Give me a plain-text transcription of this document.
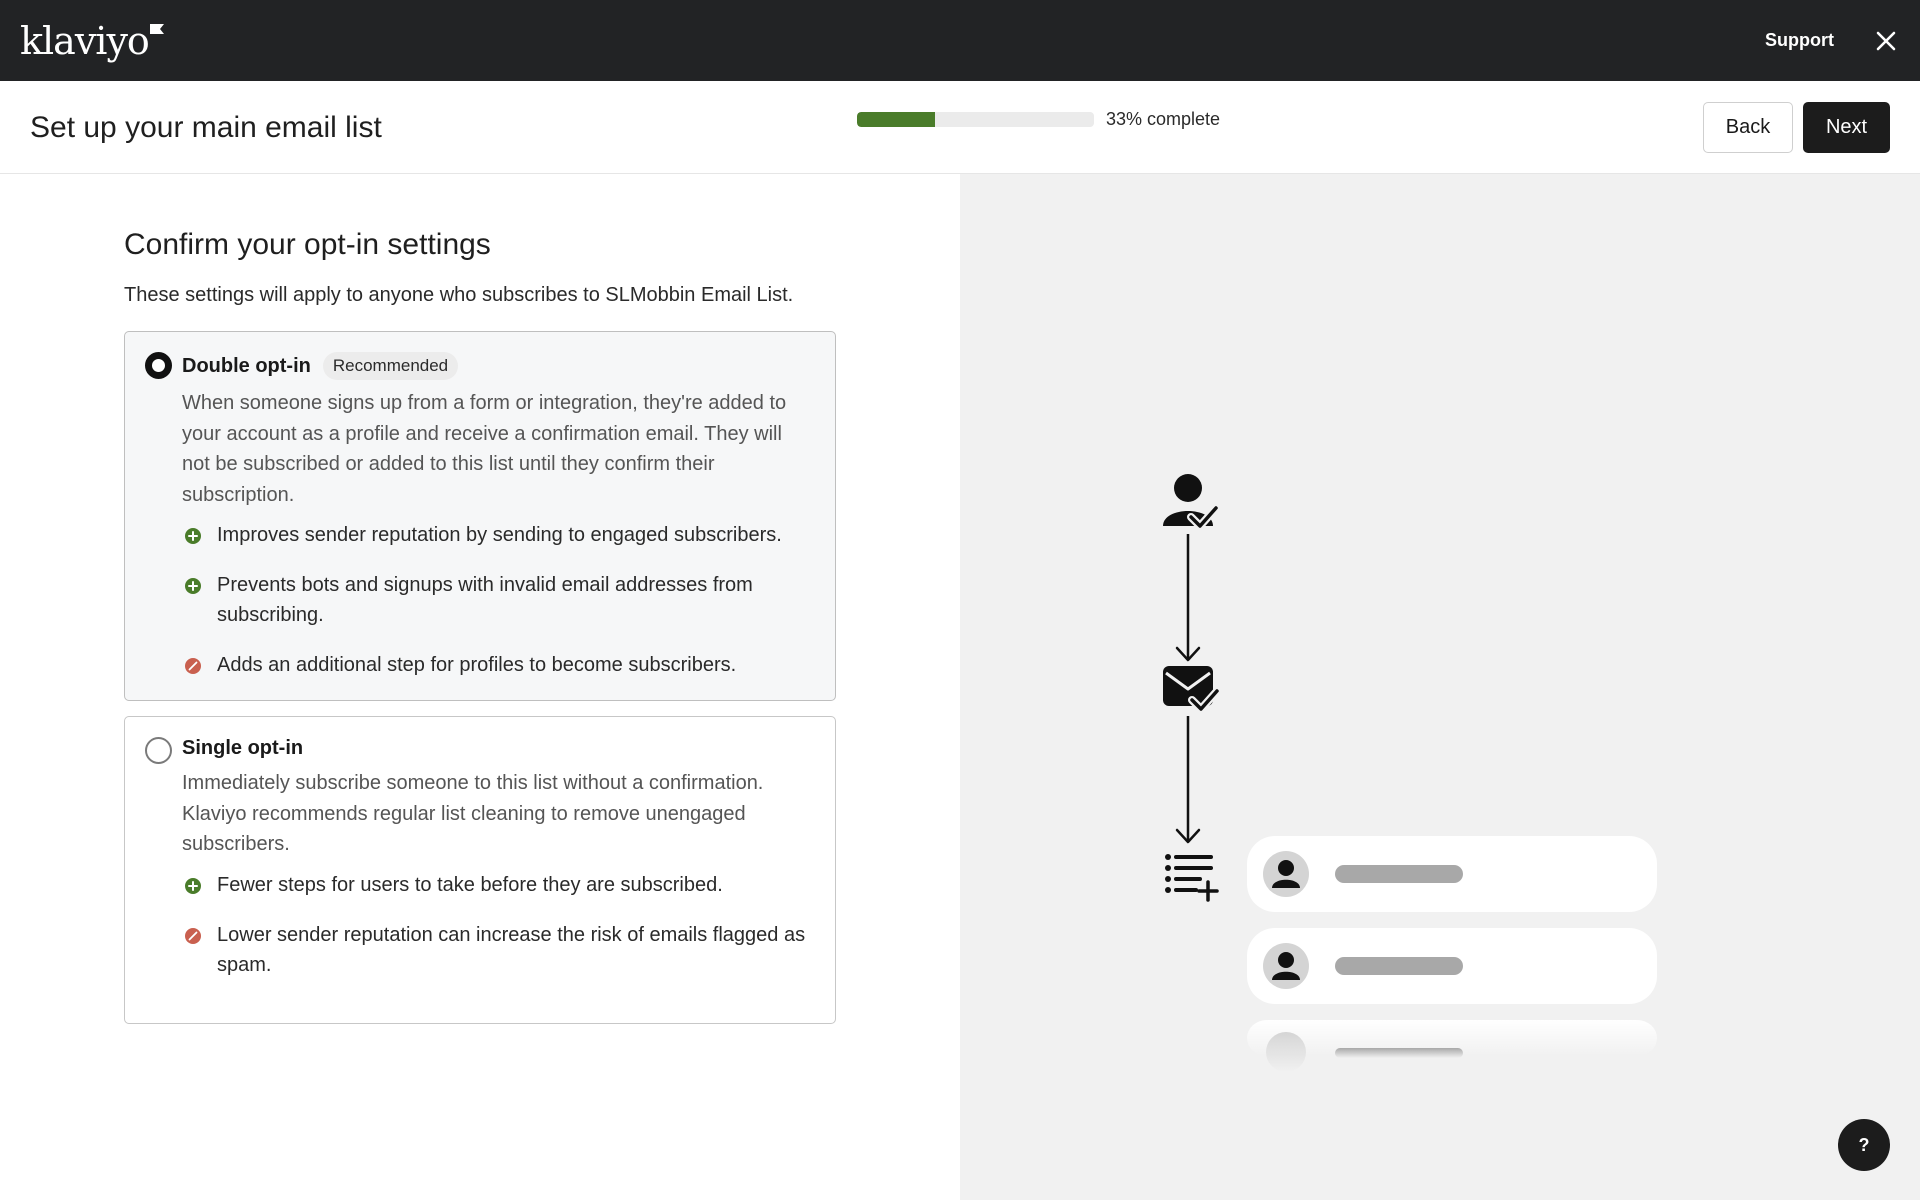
klaviyo	Support
Set up your main email list	33% complete	Back	Next
Confirm your opt-in settings

These settings will apply to anyone who subscribes to SLMobbin Email List.

Double opt-in	Recommended

When someone signs up from a form or integration, they're added to your account as a profile and receive a confirmation email. They will not be subscribed or added to this list until they confirm their subscription.

Improves sender reputation by sending to engaged subscribers.
Prevents bots and signups with invalid email addresses from subscribing.
Adds an additional step for profiles to become subscribers.
Single opt-in

Immediately subscribe someone to this list without a confirmation. Klaviyo recommends regular list cleaning to remove unengaged subscribers.

Fewer steps for users to take before they are subscribed.
Lower sender reputation can increase the risk of emails flagged as spam.
?
